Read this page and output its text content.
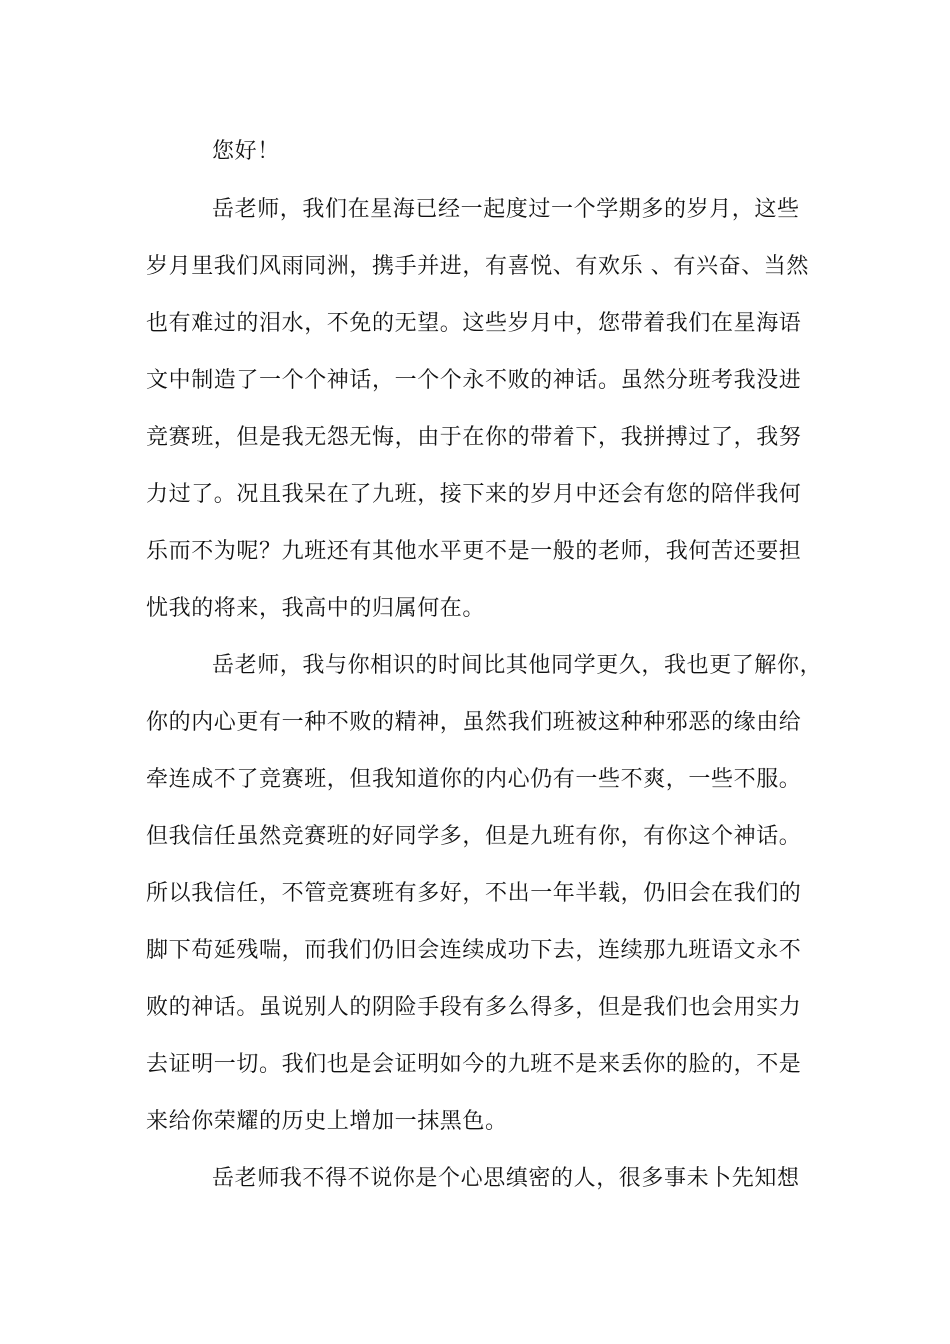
您好！
岳老师，我们在星海已经一起度过一个学期多的岁月，这些
岁月里我们风雨同洲，携手并进，有喜悦、有欢乐 、有兴奋、当然
也有难过的泪水，不免的无望。这些岁月中，您带着我们在星海语
文中制造了一个个神话，一个个永不败的神话。虽然分班考我没进
竞赛班，但是我无怨无悔，由于在你的带着下，我拼搏过了，我努
力过了。况且我呆在了九班，接下来的岁月中还会有您的陪伴我何
乐而不为呢？九班还有其他水平更不是一般的老师，我何苦还要担
忧我的将来，我高中的归属何在。
岳老师，我与你相识的时间比其他同学更久，我也更了解你，
你的内心更有一种不败的精神，虽然我们班被这种种邪恶的缘由给
牵连成不了竞赛班，但我知道你的内心仍有一些不爽，一些不服。
但我信任虽然竞赛班的好同学多，但是九班有你，有你这个神话。
所以我信任，不管竞赛班有多好，不出一年半载，仍旧会在我们的
脚下苟延残喘，而我们仍旧会连续成功下去，连续那九班语文永不
败的神话。虽说别人的阴险手段有多么得多，但是我们也会用实力
去证明一切。我们也是会证明如今的九班不是来丢你的脸的，不是
来给你荣耀的历史上增加一抹黑色。
岳老师我不得不说你是个心思缜密的人，很多事未卜先知想
